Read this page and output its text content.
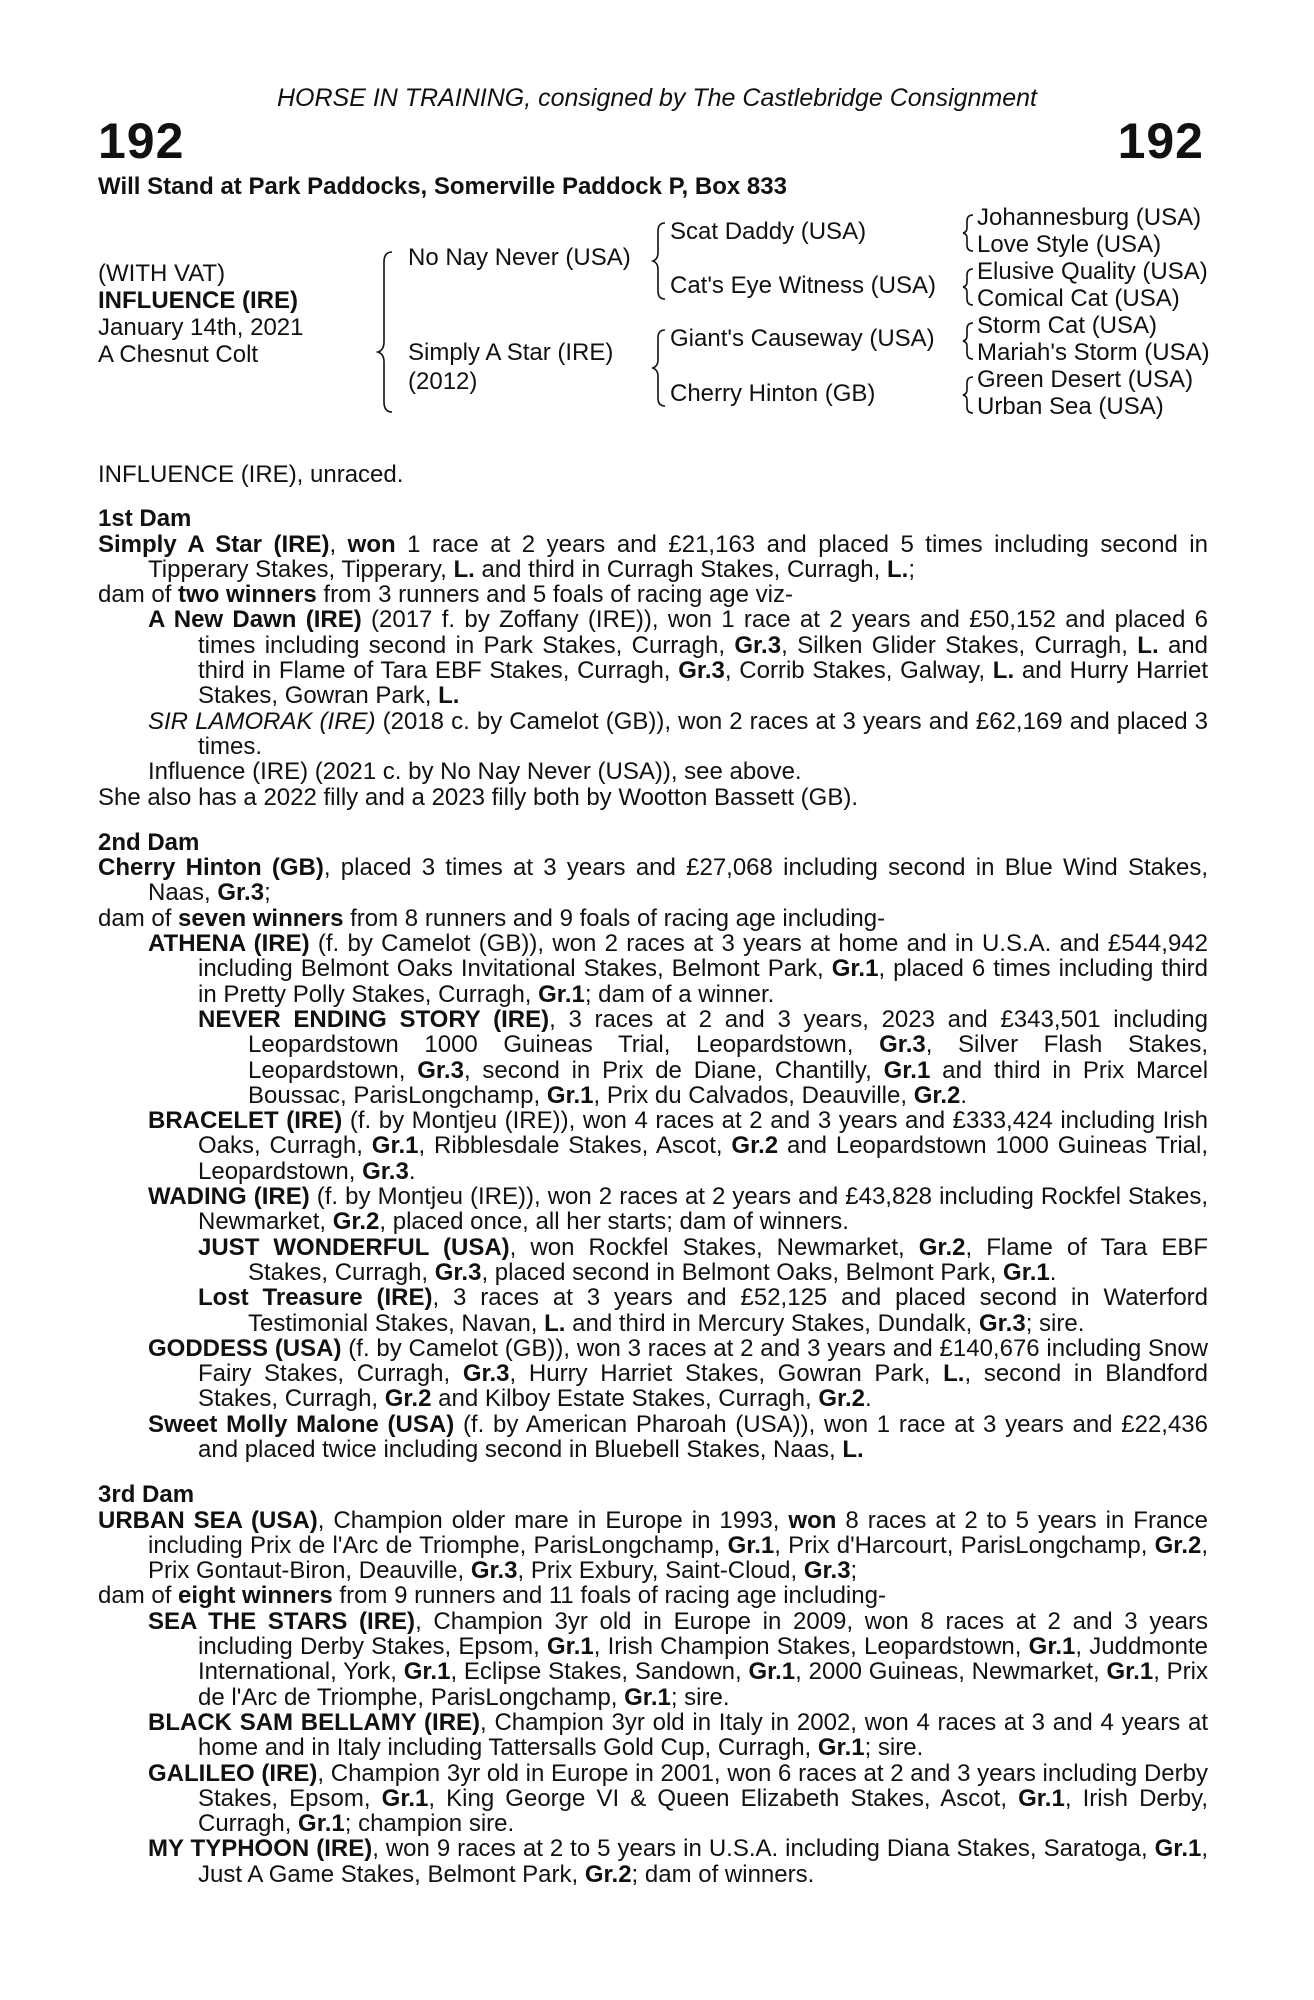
HORSE IN TRAINING, consigned by The Castlebridge Consignment
192	192
Will Stand at Park Paddocks, Somerville Paddock P, Box 833
(WITH VAT)
INFLUENCE (IRE)
January 14th, 2021
A Chesnut Colt
No Nay Never (USA)
Simply A Star (IRE)
(2012)
Scat Daddy (USA)
Cat's Eye Witness (USA)
Giant's Causeway (USA)
Cherry Hinton (GB)
Johannesburg (USA)
Love Style (USA)
Elusive Quality (USA)
Comical Cat (USA)
Storm Cat (USA)
Mariah's Storm (USA)
Green Desert (USA)
Urban Sea (USA)

INFLUENCE (IRE), unraced.

1st Dam

Simply A Star (IRE), won 1 race at 2 years and £21,163 and placed 5 times including second in Tipperary Stakes, Tipperary, L. and third in Curragh Stakes, Curragh, L.;

dam of two winners from 3 runners and 5 foals of racing age viz-

A New Dawn (IRE) (2017 f. by Zoffany (IRE)), won 1 race at 2 years and £50,152 and placed 6 times including second in Park Stakes, Curragh, Gr.3, Silken Glider Stakes, Curragh, L. and third in Flame of Tara EBF Stakes, Curragh, Gr.3, Corrib Stakes, Galway, L. and Hurry Harriet Stakes, Gowran Park, L.

SIR LAMORAK (IRE) (2018 c. by Camelot (GB)), won 2 races at 3 years and £62,169 and placed 3 times.

Influence (IRE) (2021 c. by No Nay Never (USA)), see above.

She also has a 2022 filly and a 2023 filly both by Wootton Bassett (GB).

2nd Dam

Cherry Hinton (GB), placed 3 times at 3 years and £27,068 including second in Blue Wind Stakes, Naas, Gr.3;

dam of seven winners from 8 runners and 9 foals of racing age including-

ATHENA (IRE) (f. by Camelot (GB)), won 2 races at 3 years at home and in U.S.A. and £544,942 including Belmont Oaks Invitational Stakes, Belmont Park, Gr.1, placed 6 times including third in Pretty Polly Stakes, Curragh, Gr.1; dam of a winner.

NEVER ENDING STORY (IRE), 3 races at 2 and 3 years, 2023 and £343,501 including Leopardstown 1000 Guineas Trial, Leopardstown, Gr.3, Silver Flash Stakes, Leopardstown, Gr.3, second in Prix de Diane, Chantilly, Gr.1 and third in Prix Marcel Boussac, ParisLongchamp, Gr.1, Prix du Calvados, Deauville, Gr.2.

BRACELET (IRE) (f. by Montjeu (IRE)), won 4 races at 2 and 3 years and £333,424 including Irish Oaks, Curragh, Gr.1, Ribblesdale Stakes, Ascot, Gr.2 and Leopardstown 1000 Guineas Trial, Leopardstown, Gr.3.

WADING (IRE) (f. by Montjeu (IRE)), won 2 races at 2 years and £43,828 including Rockfel Stakes, Newmarket, Gr.2, placed once, all her starts; dam of winners.

JUST WONDERFUL (USA), won Rockfel Stakes, Newmarket, Gr.2, Flame of Tara EBF Stakes, Curragh, Gr.3, placed second in Belmont Oaks, Belmont Park, Gr.1.

Lost Treasure (IRE), 3 races at 3 years and £52,125 and placed second in Waterford Testimonial Stakes, Navan, L. and third in Mercury Stakes, Dundalk, Gr.3; sire.

GODDESS (USA) (f. by Camelot (GB)), won 3 races at 2 and 3 years and £140,676 including Snow Fairy Stakes, Curragh, Gr.3, Hurry Harriet Stakes, Gowran Park, L., second in Blandford Stakes, Curragh, Gr.2 and Kilboy Estate Stakes, Curragh, Gr.2.

Sweet Molly Malone (USA) (f. by American Pharoah (USA)), won 1 race at 3 years and £22,436 and placed twice including second in Bluebell Stakes, Naas, L.

3rd Dam

URBAN SEA (USA), Champion older mare in Europe in 1993, won 8 races at 2 to 5 years in France including Prix de l'Arc de Triomphe, ParisLongchamp, Gr.1, Prix d'Harcourt, ParisLongchamp, Gr.2, Prix Gontaut-Biron, Deauville, Gr.3, Prix Exbury, Saint-Cloud, Gr.3;

dam of eight winners from 9 runners and 11 foals of racing age including-

SEA THE STARS (IRE), Champion 3yr old in Europe in 2009, won 8 races at 2 and 3 years including Derby Stakes, Epsom, Gr.1, Irish Champion Stakes, Leopardstown, Gr.1, Juddmonte International, York, Gr.1, Eclipse Stakes, Sandown, Gr.1, 2000 Guineas, Newmarket, Gr.1, Prix de l'Arc de Triomphe, ParisLongchamp, Gr.1; sire.

BLACK SAM BELLAMY (IRE), Champion 3yr old in Italy in 2002, won 4 races at 3 and 4 years at home and in Italy including Tattersalls Gold Cup, Curragh, Gr.1; sire.

GALILEO (IRE), Champion 3yr old in Europe in 2001, won 6 races at 2 and 3 years including Derby Stakes, Epsom, Gr.1, King George VI & Queen Elizabeth Stakes, Ascot, Gr.1, Irish Derby, Curragh, Gr.1; champion sire.

MY TYPHOON (IRE), won 9 races at 2 to 5 years in U.S.A. including Diana Stakes, Saratoga, Gr.1, Just A Game Stakes, Belmont Park, Gr.2; dam of winners.
